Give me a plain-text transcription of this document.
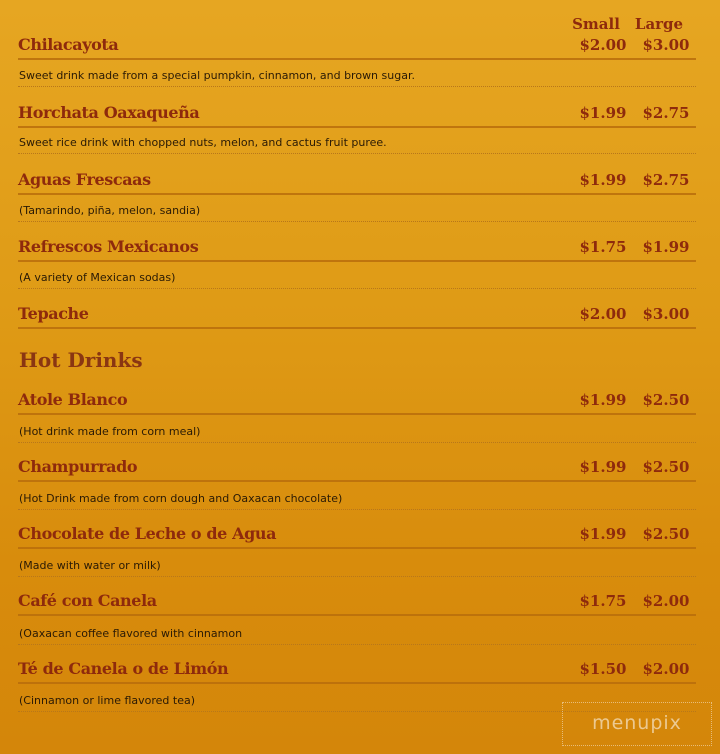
Small Large
Chilacayota	$2.00	$3.00
Sweet drink made from a special pumpkin, cinnamon, and brown sugar.
Horchata Oaxaqueña	$1.99	$2.75
Sweet rice drink with chopped nuts, melon, and cactus fruit puree.
Aguas Frescaas	$1.99	$2.75
(Tamarindo, piña, melon, sandia)
Refrescos Mexicanos	$1.75	$1.99
(A variety of Mexican sodas)
Tepache	$2.00	$3.00
Hot Drinks
Atole Blanco	$1.99	$2.50
(Hot drink made from corn meal)
Champurrado	$1.99	$2.50
(Hot Drink made from corn dough and Oaxacan chocolate)
Chocolate de Leche o de Agua	$1.99	$2.50
(Made with water or milk)
Café con Canela	$1.75	$2.00
(Oaxacan coffee flavored with cinnamon
Té de Canela o de Limón	$1.50	$2.00
(Cinnamon or lime flavored tea)
menupix
